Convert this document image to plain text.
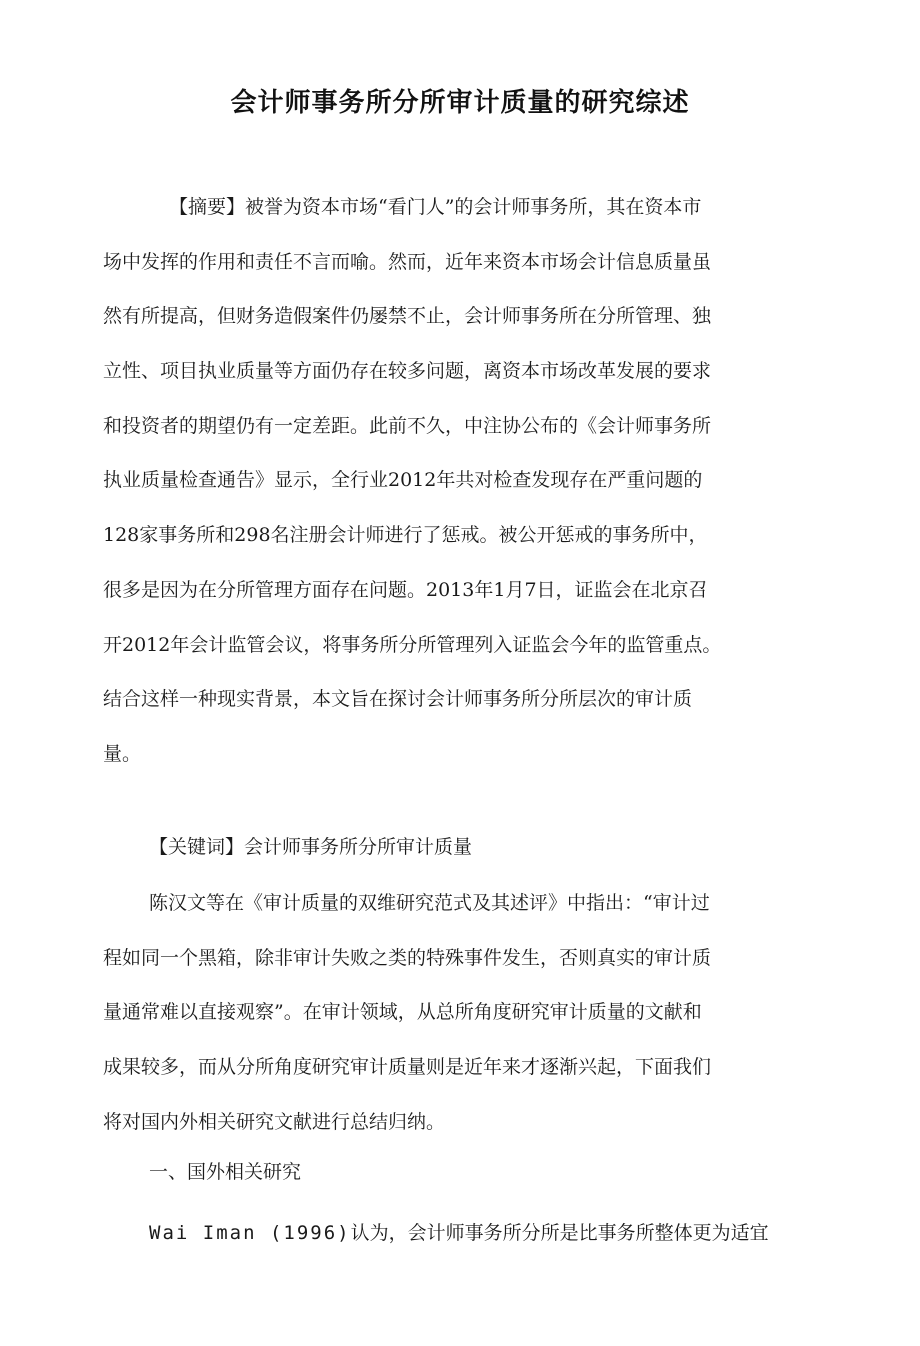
会计师事务所分所审计质量的研究综述
【摘要】被誉为资本市场“看门人”的会计师事务所，其在资本市
场中发挥的作用和责任不言而喻。然而，近年来资本市场会计信息质量虽
然有所提高，但财务造假案件仍屡禁不止，会计师事务所在分所管理、独
立性、项目执业质量等方面仍存在较多问题，离资本市场改革发展的要求
和投资者的期望仍有一定差距。此前不久，中注协公布的《会计师事务所
执业质量检查通告》显示，全行业2012年共对检查发现存在严重问题的
128家事务所和298名注册会计师进行了惩戒。被公开惩戒的事务所中，
很多是因为在分所管理方面存在问题。2013年1月7日，证监会在北京召
开2012年会计监管会议，将事务所分所管理列入证监会今年的监管重点。
结合这样一种现实背景，本文旨在探讨会计师事务所分所层次的审计质
量。
【关键词】会计师事务所分所审计质量
陈汉文等在《审计质量的双维研究范式及其述评》中指出：“审计过
程如同一个黑箱，除非审计失败之类的特殊事件发生，否则真实的审计质
量通常难以直接观察”。在审计领域，从总所角度研究审计质量的文献和
成果较多，而从分所角度研究审计质量则是近年来才逐渐兴起，下面我们
将对国内外相关研究文献进行总结归纳。
一、国外相关研究
Wai Iman (1996)认为，会计师事务所分所是比事务所整体更为适宜
